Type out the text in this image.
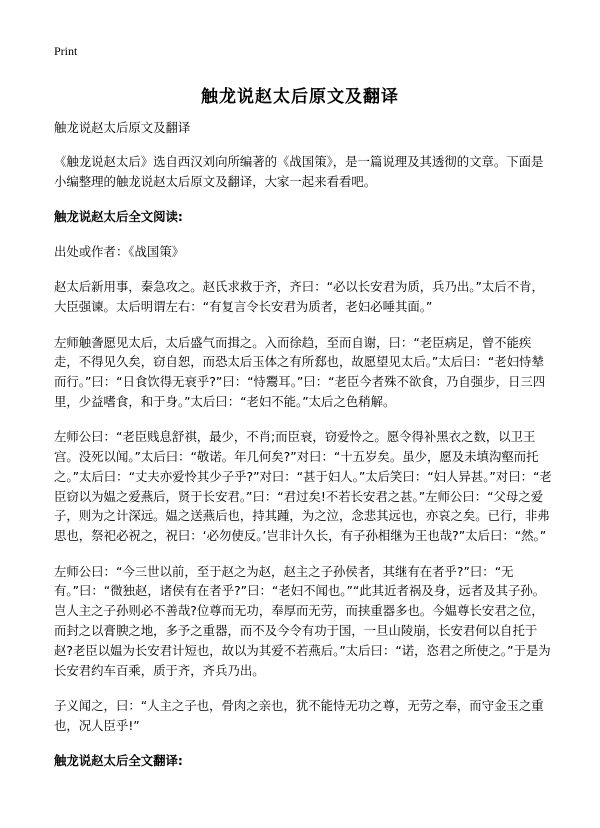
Print
触龙说赵太后原文及翻译

触龙说赵太后原文及翻译

《触龙说赵太后》选自西汉刘向所编著的《战国策》，是一篇说理及其透彻的文章。下面是小编整理的触龙说赵太后原文及翻译，大家一起来看看吧。

触龙说赵太后全文阅读:

出处或作者：《战国策》

赵太后新用事，秦急攻之。赵氏求救于齐，齐曰：“必以长安君为质，兵乃出。”太后不肯，大臣强谏。太后明谓左右：“有复言令长安君为质者，老妇必唾其面。”

左师触詟愿见太后，太后盛气而揖之。入而徐趋，至而自谢，曰：“老臣病足，曾不能疾走，不得见久矣，窃自恕，而恐太后玉体之有所郄也，故愿望见太后。”太后曰：“老妇恃辇而行。”曰：“日食饮得无衰乎?”曰：“恃鬻耳。”曰：“老臣今者殊不欲食，乃自强步，日三四里，少益嗜食，和于身。”太后曰：“老妇不能。”太后之色稍解。

左师公曰：“老臣贱息舒祺，最少，不肖;而臣衰，窃爱怜之。愿令得补黑衣之数，以卫王宫。没死以闻。”太后曰：“敬诺。年几何矣?”对曰：“十五岁矣。虽少，愿及未填沟壑而托之。”太后曰：“丈夫亦爱怜其少子乎?”对曰：“甚于妇人。”太后笑曰：“妇人异甚。”对曰：“老臣窃以为媪之爱燕后，贤于长安君。”曰：“君过矣!不若长安君之甚。”左师公曰：“父母之爱子，则为之计深远。媪之送燕后也，持其踵，为之泣，念悲其远也，亦哀之矣。已行，非弗思也，祭祀必祝之，祝曰：‘必勿使反。’岂非计久长，有子孙相继为王也哉?”太后曰：“然。”

左师公曰：“今三世以前，至于赵之为赵，赵主之子孙侯者，其继有在者乎?”曰：“无有。”曰：“微独赵，诸侯有在者乎?”曰：“老妇不闻也。”“此其近者祸及身，远者及其子孙。岂人主之子孙则必不善哉?位尊而无功，奉厚而无劳，而挟重器多也。今媪尊长安君之位，而封之以膏腴之地，多予之重器，而不及今令有功于国，一旦山陵崩，长安君何以自托于赵?老臣以媪为长安君计短也，故以为其爱不若燕后。”太后曰：“诺，恣君之所使之。”于是为长安君约车百乘，质于齐，齐兵乃出。

子义闻之，曰：“人主之子也，骨肉之亲也，犹不能恃无功之尊，无劳之奉，而守金玉之重也，况人臣乎!”

触龙说赵太后全文翻译:
